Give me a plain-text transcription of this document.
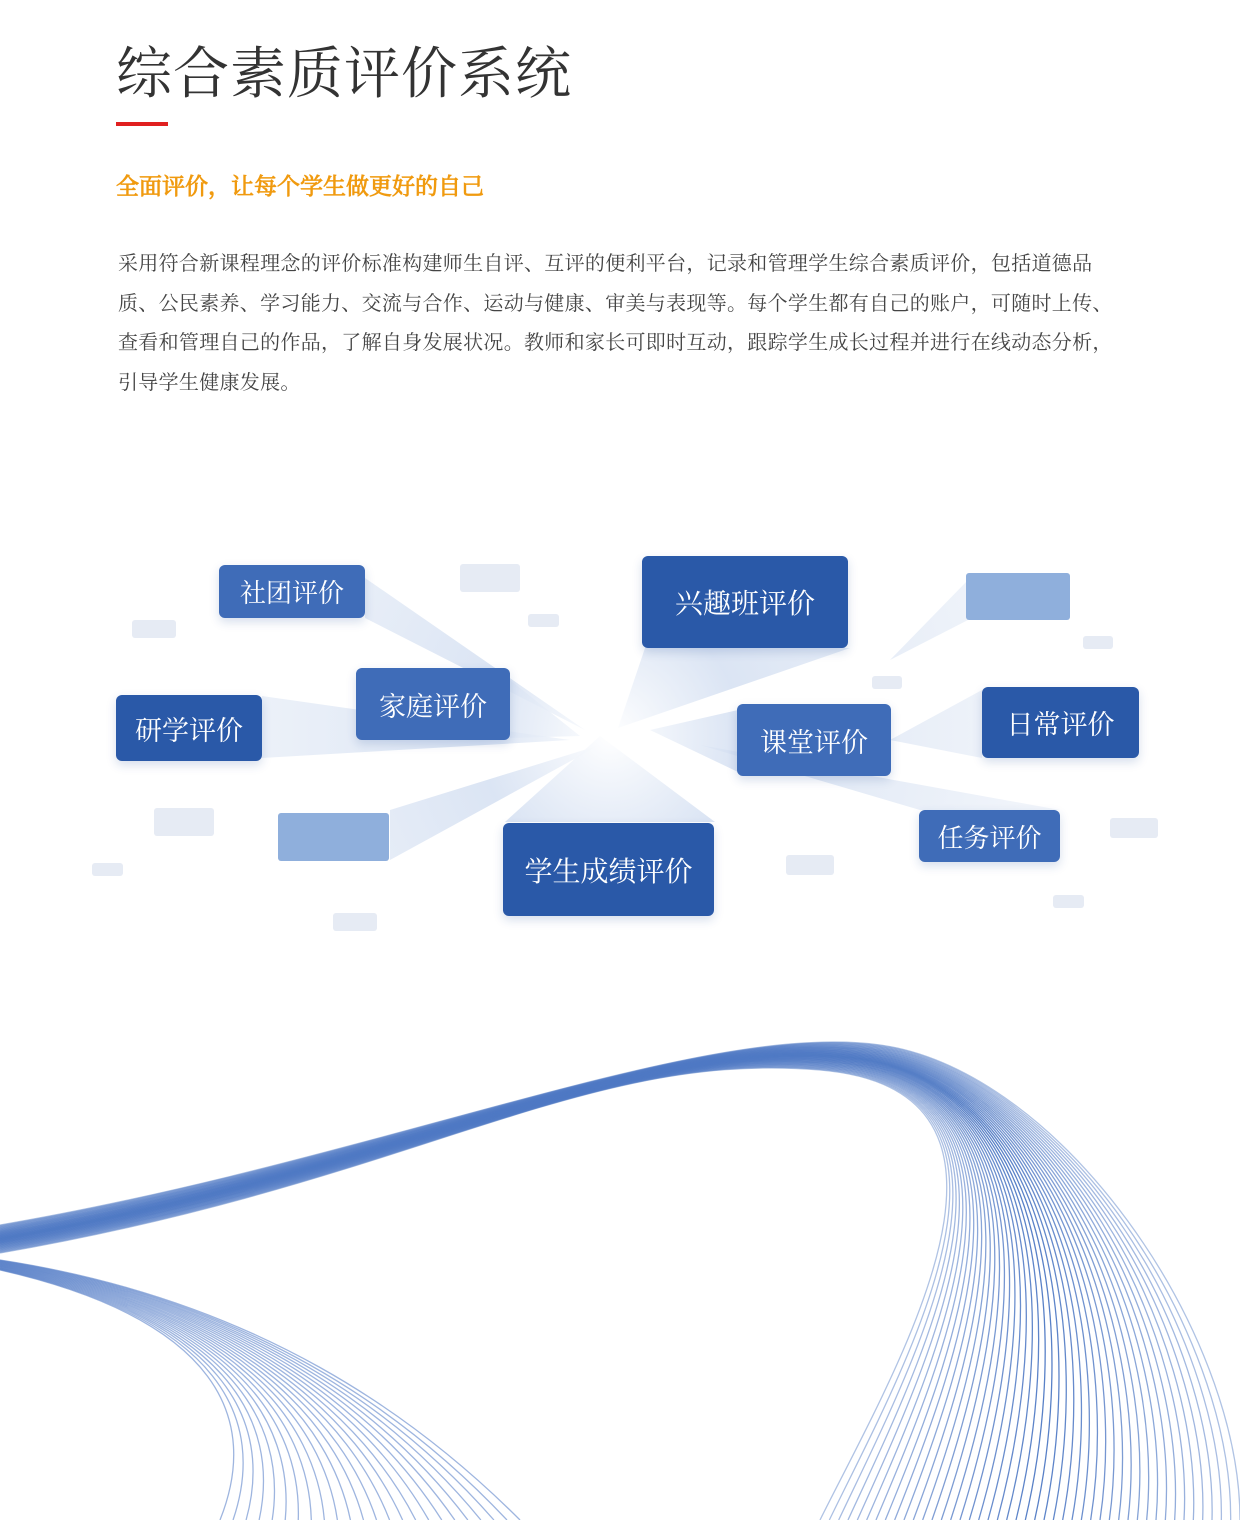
综合素质评价系统
全面评价，让每个学生做更好的自己
采用符合新课程理念的评价标准构建师生自评、互评的便利平台，记录和管理学生综合素质评价，包括道德品质、公民素养、学习能力、交流与合作、运动与健康、审美与表现等。每个学生都有自己的账户，可随时上传、查看和管理自己的作品，了解自身发展状况。教师和家长可即时互动，跟踪学生成长过程并进行在线动态分析，引导学生健康发展。
社团评价	兴趣班评价
家庭评价
研学评价	课堂评价
日常评价
任务评价
学生成绩评价
